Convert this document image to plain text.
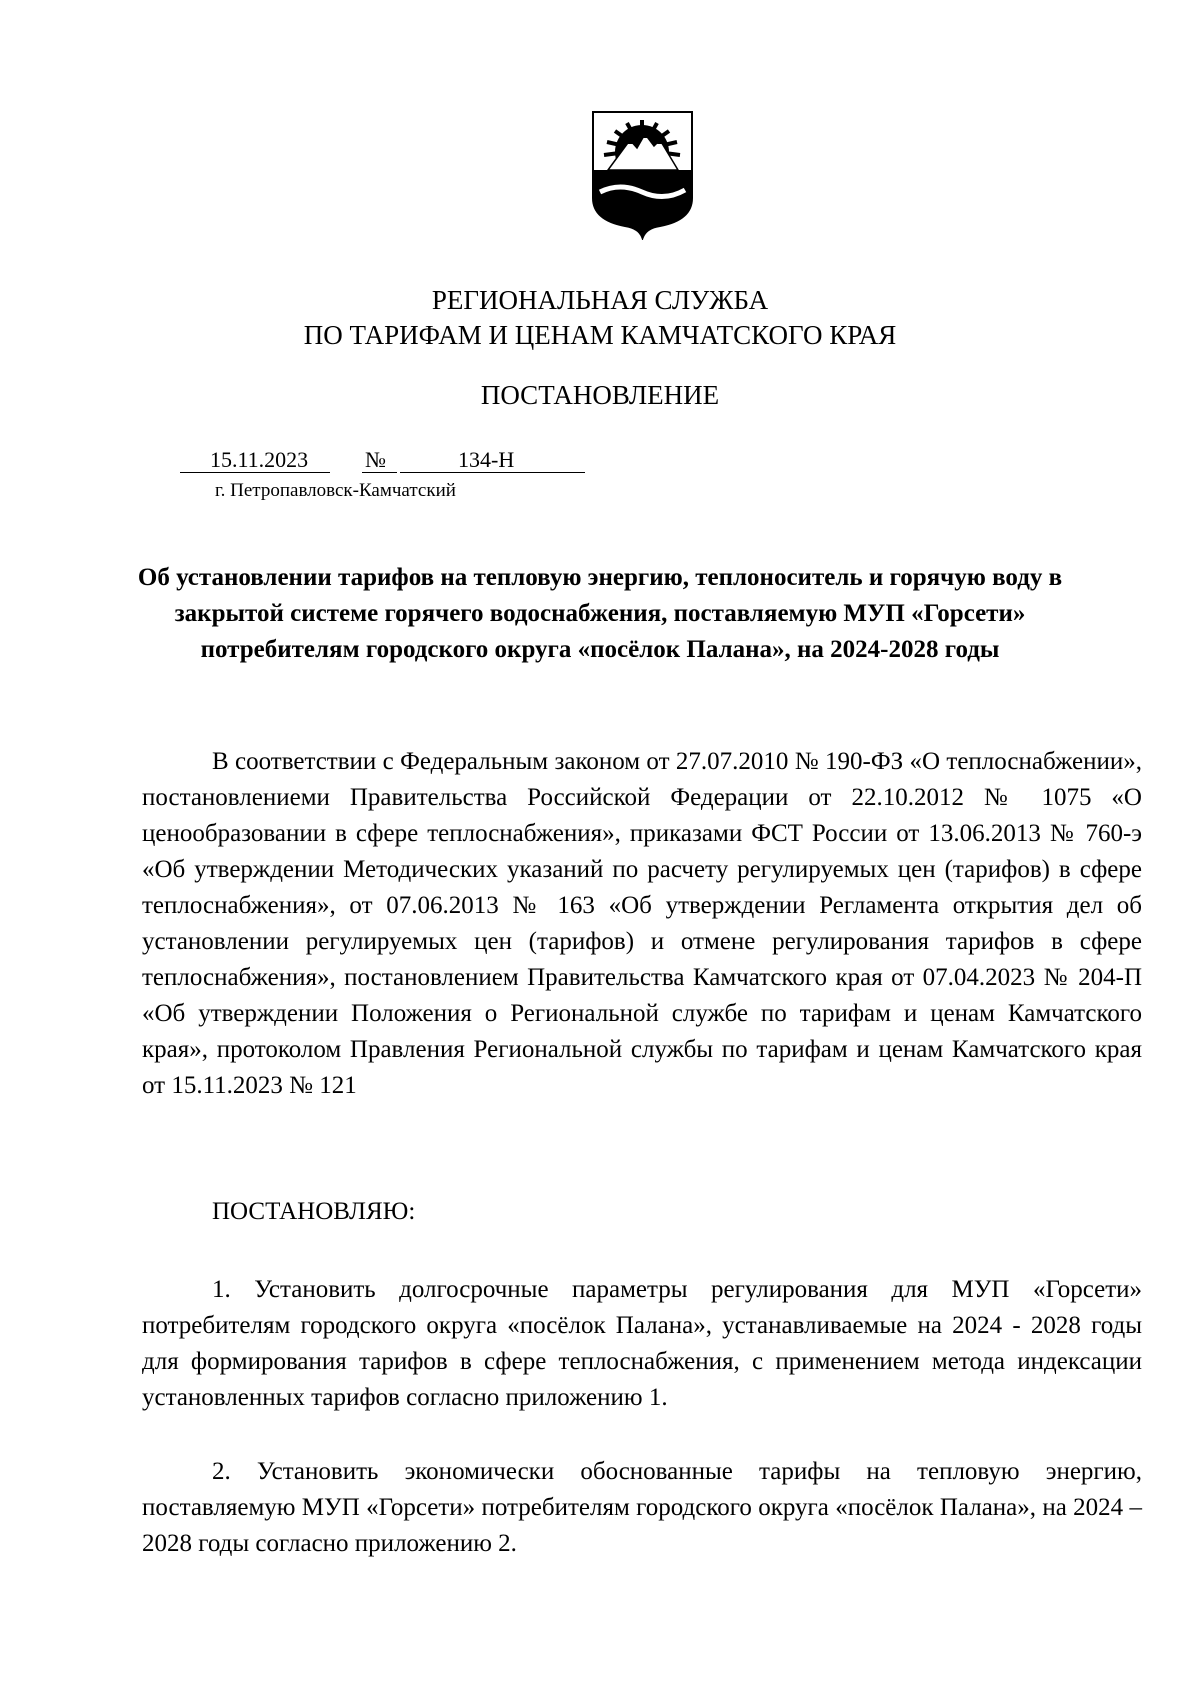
РЕГИОНАЛЬНАЯ СЛУЖБА
ПО ТАРИФАМ И ЦЕНАМ КАМЧАТСКОГО КРАЯ
ПОСТАНОВЛЕНИЕ
15.11.2023	№	134-Н
г. Петропавловск-Камчатский
Об установлении тарифов на тепловую энергию, теплоноситель и горячую воду в закрытой системе горячего водоснабжения, поставляемую МУП «Горсети» потребителям городского округа «посёлок Палана», на 2024-2028 годы

В соответствии с Федеральным законом от 27.07.2010 № 190-ФЗ «О теплоснабжении», постановлениеми Правительства Российской Федерации от 22.10.2012 № 1075 «О ценообразовании в сфере теплоснабжения», приказами ФСТ России от 13.06.2013 № 760-э «Об утверждении Методических указаний по расчету регулируемых цен (тарифов) в сфере теплоснабжения», от 07.06.2013 № 163 «Об утверждении Регламента открытия дел об установлении регулируемых цен (тарифов) и отмене регулирования тарифов в сфере теплоснабжения», постановлением Правительства Камчатского края от 07.04.2023 № 204-П «Об утверждении Положения о Региональной службе по тарифам и ценам Камчатского края», протоколом Правления Региональной службы по тарифам и ценам Камчатского края от 15.11.2023 № 121

ПОСТАНОВЛЯЮ:

1. Установить долгосрочные параметры регулирования для МУП «Горсети» потребителям городского округа «посёлок Палана», устанавливаемые на 2024 - 2028 годы для формирования тарифов в сфере теплоснабжения, с применением метода индексации установленных тарифов согласно приложению 1.

2. Установить экономически обоснованные тарифы на тепловую энергию, поставляемую МУП «Горсети» потребителям городского округа «посёлок Палана», на 2024 – 2028 годы согласно приложению 2.
